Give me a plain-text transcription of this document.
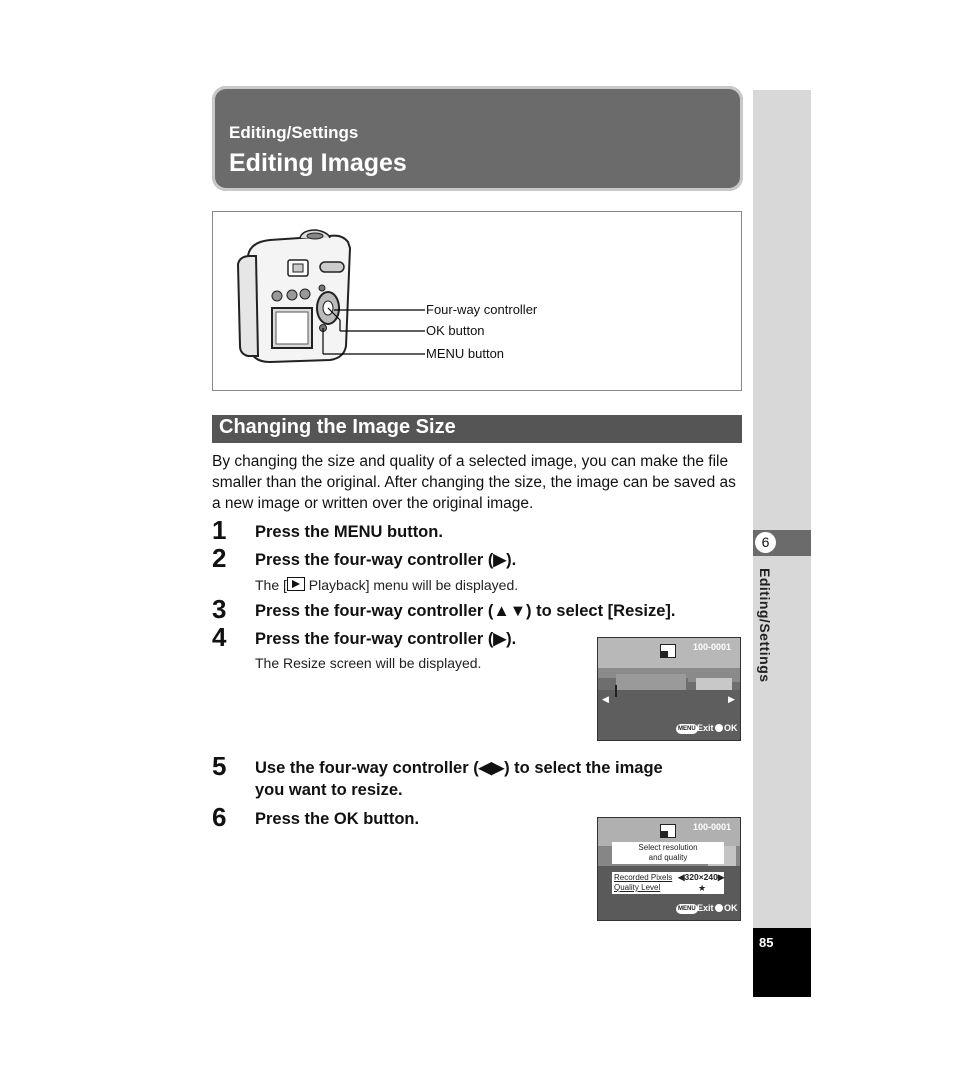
Editing/Settings
Editing Images
6
Editing/Settings
85
Four-way controller
OK button
MENU button
Changing the Image Size
By changing the size and quality of a selected image, you can make the file smaller than the original. After changing the size, the image can be saved as a new image or written over the original image.
1 Press the MENU button.
2 Press the four-way controller (▶).
The [
Playback] menu will be displayed.
3 Press the four-way controller (▲▼) to select [Resize].
4 Press the four-way controller (▶).
The Resize screen will be displayed.
5 Use the four-way controller (◀▶) to select the image
you want to resize.
6 Press the OK button.
100-0001
◀	▶
MENU Exit OK
100-0001
Select resolution
and quality
Recorded Pixels ◀320×240▶
Quality Level	★
MENU Exit OK
